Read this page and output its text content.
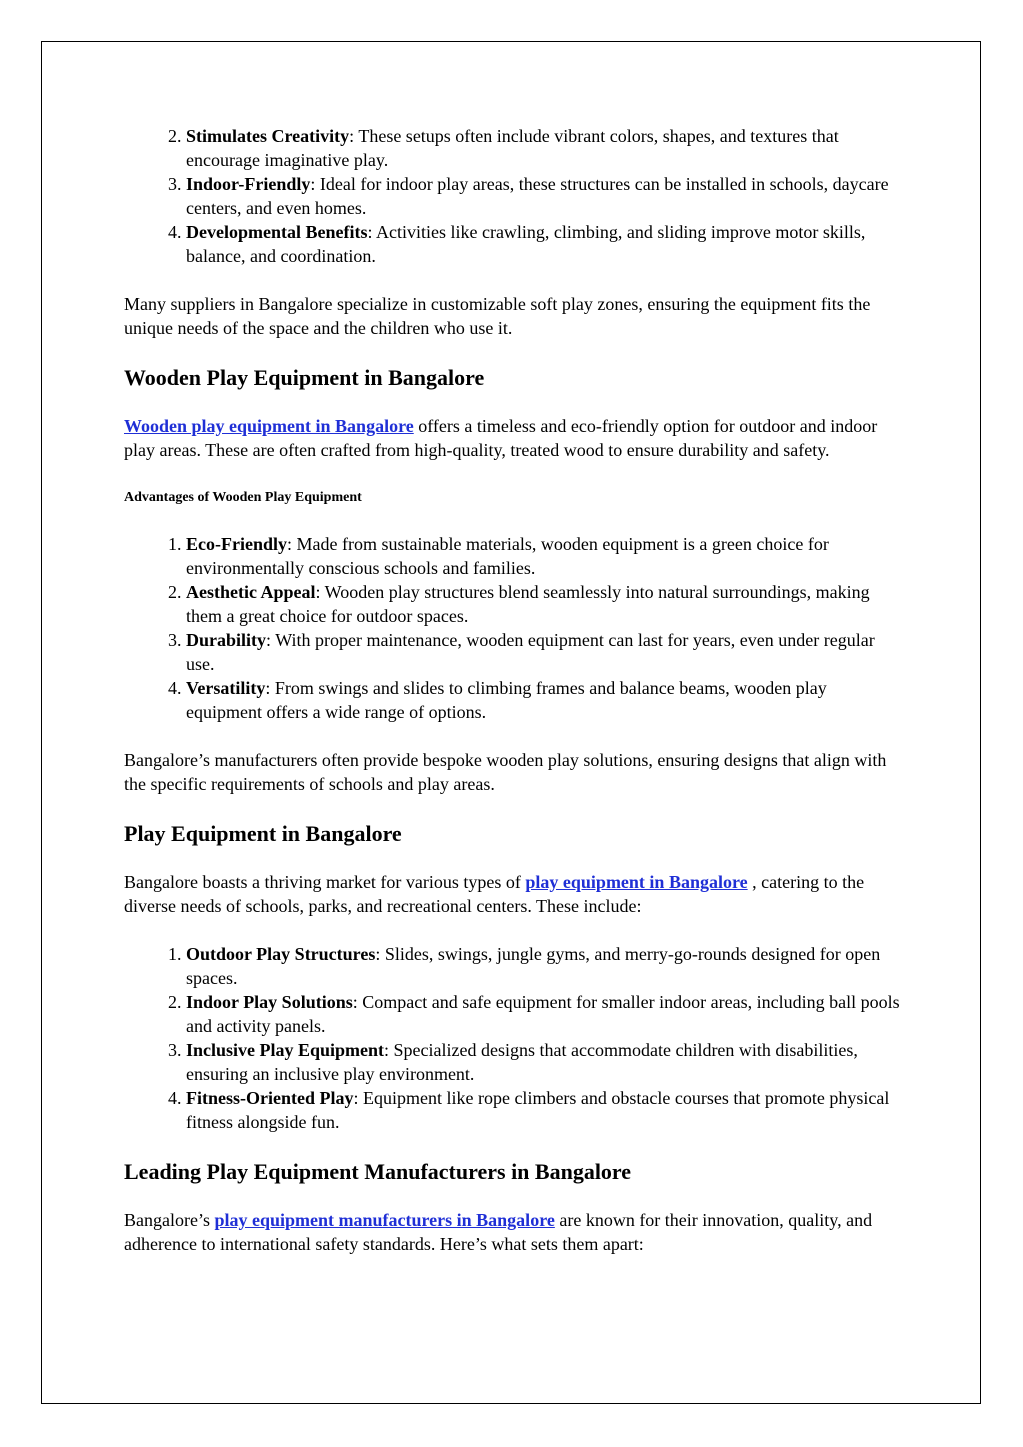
2. Stimulates Creativity: These setups often include vibrant colors, shapes, and textures that encourage imaginative play.
3. Indoor-Friendly: Ideal for indoor play areas, these structures can be installed in schools, daycare centers, and even homes.
4. Developmental Benefits: Activities like crawling, climbing, and sliding improve motor skills, balance, and coordination.

Many suppliers in Bangalore specialize in customizable soft play zones, ensuring the equipment fits the unique needs of the space and the children who use it.

Wooden Play Equipment in Bangalore

Wooden play equipment in Bangalore offers a timeless and eco-friendly option for outdoor and indoor play areas. These are often crafted from high-quality, treated wood to ensure durability and safety.

Advantages of Wooden Play Equipment
1. Eco-Friendly: Made from sustainable materials, wooden equipment is a green choice for environmentally conscious schools and families.
2. Aesthetic Appeal: Wooden play structures blend seamlessly into natural surroundings, making them a great choice for outdoor spaces.
3. Durability: With proper maintenance, wooden equipment can last for years, even under regular use.
4. Versatility: From swings and slides to climbing frames and balance beams, wooden play equipment offers a wide range of options.

Bangalore’s manufacturers often provide bespoke wooden play solutions, ensuring designs that align with the specific requirements of schools and play areas.

Play Equipment in Bangalore

Bangalore boasts a thriving market for various types of play equipment in Bangalore , catering to the diverse needs of schools, parks, and recreational centers. These include:

1. Outdoor Play Structures: Slides, swings, jungle gyms, and merry-go-rounds designed for open spaces.
2. Indoor Play Solutions: Compact and safe equipment for smaller indoor areas, including ball pools and activity panels.
3. Inclusive Play Equipment: Specialized designs that accommodate children with disabilities, ensuring an inclusive play environment.
4. Fitness-Oriented Play: Equipment like rope climbers and obstacle courses that promote physical fitness alongside fun.
Leading Play Equipment Manufacturers in Bangalore

Bangalore’s play equipment manufacturers in Bangalore are known for their innovation, quality, and adherence to international safety standards. Here’s what sets them apart:
